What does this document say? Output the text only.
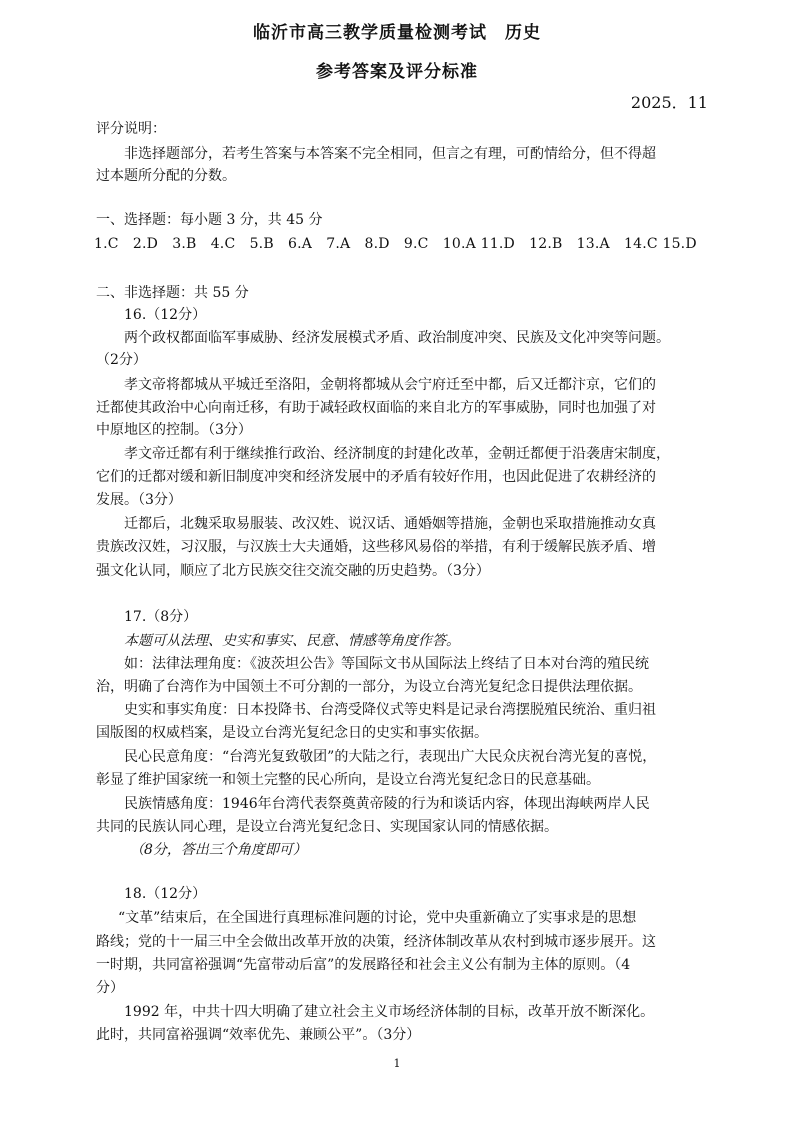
临沂市高三教学质量检测考试　历史
参考答案及评分标准
2025．11
评分说明：
非选择题部分，若考生答案与本答案不完全相同，但言之有理，可酌情给分，但不得超
过本题所分配的分数。
一、选择题：每小题 3 分，共 45 分
1.C　2.D　3.B　4.C　5.B　6.A　7.A　8.D　9.C　10.A 11.D　12.B　13.A　14.C 15.D
二、非选择题：共 55 分
16.（12分）
两个政权都面临军事威胁、经济发展模式矛盾、政治制度冲突、民族及文化冲突等问题。
（2分）
孝文帝将都城从平城迁至洛阳，金朝将都城从会宁府迁至中都，后又迁都汴京，它们的
迁都使其政治中心向南迁移，有助于减轻政权面临的来自北方的军事威胁，同时也加强了对
中原地区的控制。（3分）
孝文帝迁都有利于继续推行政治、经济制度的封建化改革，金朝迁都便于沿袭唐宋制度，
它们的迁都对缓和新旧制度冲突和经济发展中的矛盾有较好作用，也因此促进了农耕经济的
发展。（3分）
迁都后，北魏采取易服装、改汉姓、说汉话、通婚姻等措施，金朝也采取措施推动女真
贵族改汉姓，习汉服，与汉族士大夫通婚，这些移风易俗的举措，有利于缓解民族矛盾、增
强文化认同，顺应了北方民族交往交流交融的历史趋势。（3分）
17.（8分）
本题可从法理、史实和事实、民意、情感等角度作答。
如：法律法理角度：《波茨坦公告》等国际文书从国际法上终结了日本对台湾的殖民统
治，明确了台湾作为中国领土不可分割的一部分，为设立台湾光复纪念日提供法理依据。
史实和事实角度：日本投降书、台湾受降仪式等史料是记录台湾摆脱殖民统治、重归祖
国版图的权威档案，是设立台湾光复纪念日的史实和事实依据。
民心民意角度：“台湾光复致敬团”的大陆之行，表现出广大民众庆祝台湾光复的喜悦，
彰显了维护国家统一和领土完整的民心所向，是设立台湾光复纪念日的民意基础。
民族情感角度：1946年台湾代表祭奠黄帝陵的行为和谈话内容，体现出海峡两岸人民
共同的民族认同心理，是设立台湾光复纪念日、实现国家认同的情感依据。
（8分，答出三个角度即可）
18.（12分）
“文革”结束后，在全国进行真理标准问题的讨论，党中央重新确立了实事求是的思想
路线；党的十一届三中全会做出改革开放的决策，经济体制改革从农村到城市逐步展开。这
一时期，共同富裕强调“先富带动后富”的发展路径和社会主义公有制为主体的原则。（4
分）
1992 年，中共十四大明确了建立社会主义市场经济体制的目标，改革开放不断深化。
此时，共同富裕强调“效率优先、兼顾公平”。（3分）
1
